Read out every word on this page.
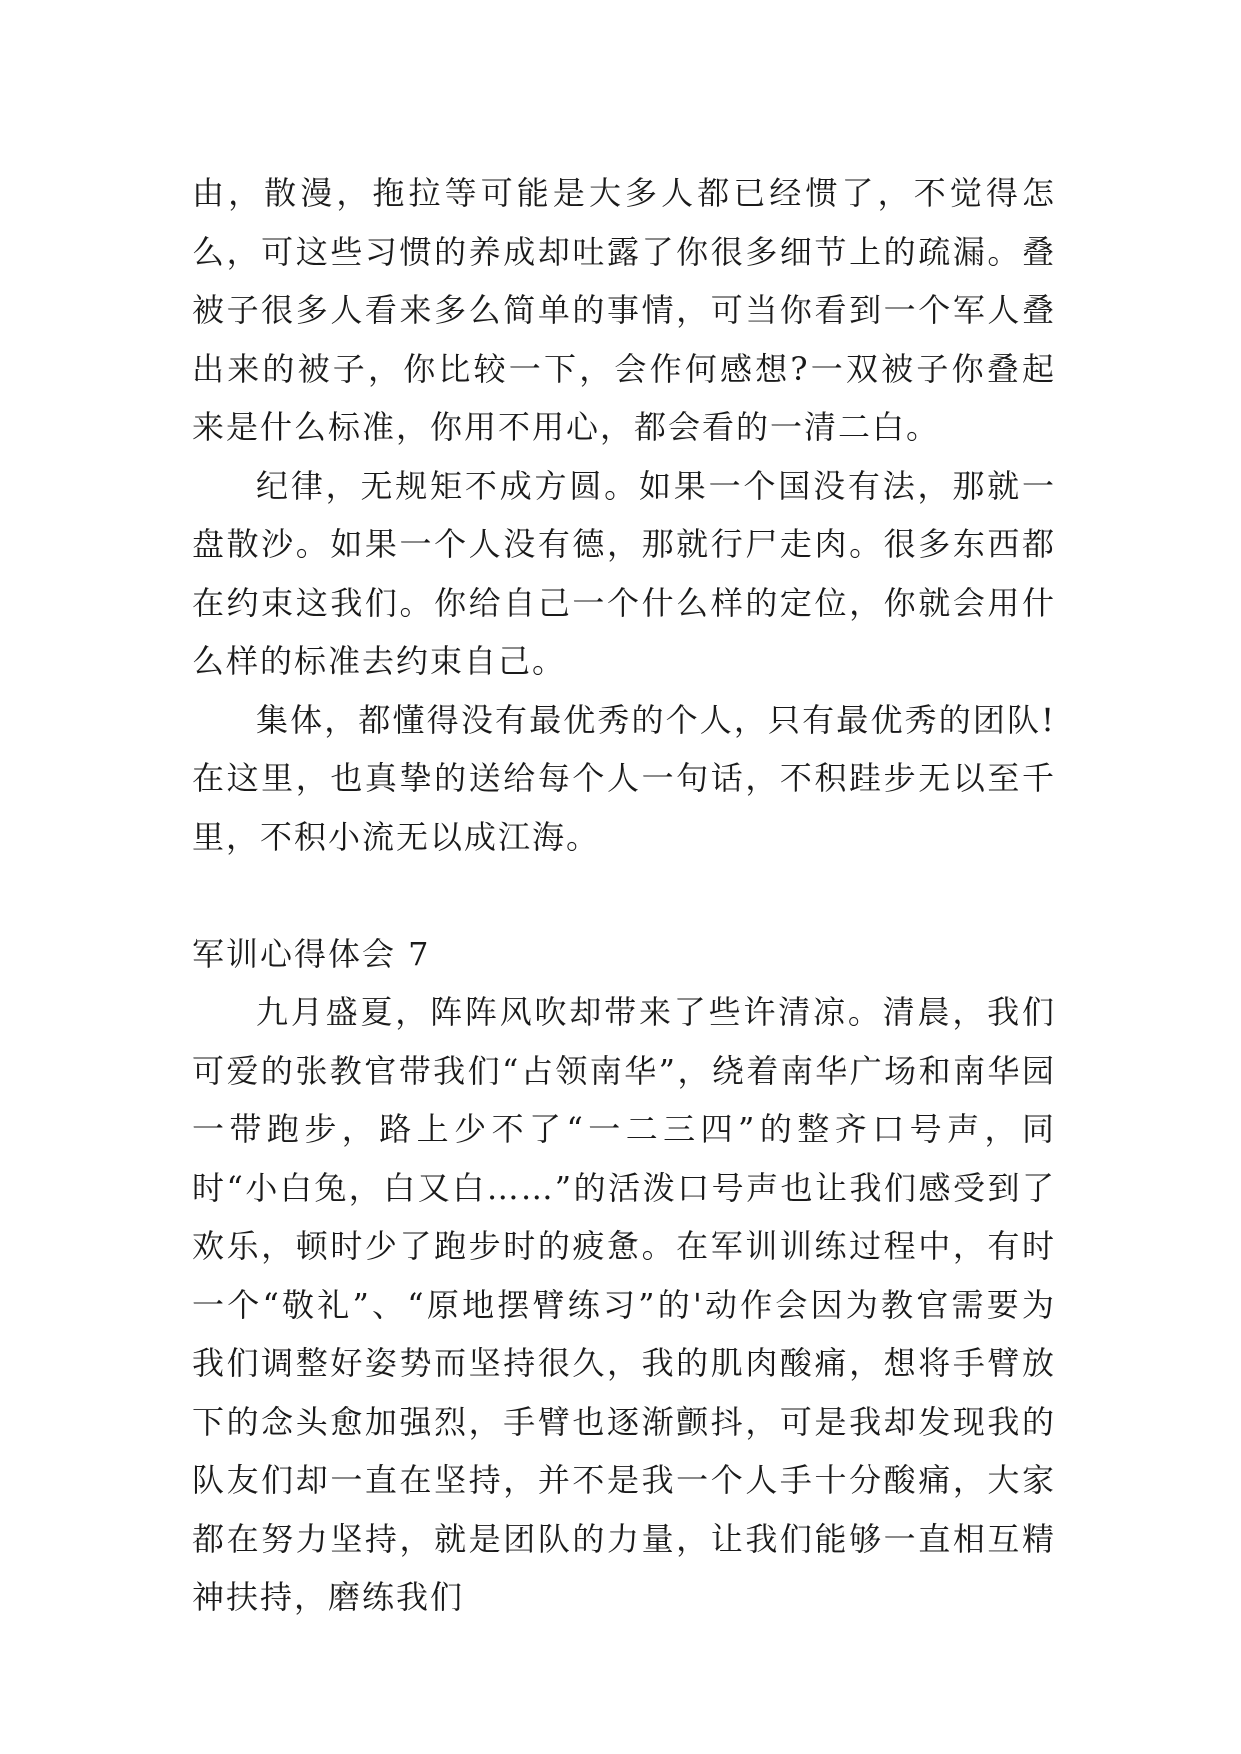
由，散漫，拖拉等可能是大多人都已经惯了，不觉得怎么，可这些习惯的养成却吐露了你很多细节上的疏漏。叠被子很多人看来多么简单的事情，可当你看到一个军人叠出来的被子，你比较一下，会作何感想?一双被子你叠起来是什么标准，你用不用心，都会看的一清二白。

纪律，无规矩不成方圆。如果一个国没有法，那就一盘散沙。如果一个人没有德，那就行尸走肉。很多东西都在约束这我们。你给自己一个什么样的定位，你就会用什么样的标准去约束自己。

集体，都懂得没有最优秀的个人，只有最优秀的团队!在这里，也真挚的送给每个人一句话，不积跬步无以至千里，不积小流无以成江海。

军训心得体会 7

九月盛夏，阵阵风吹却带来了些许清凉。清晨，我们可爱的张教官带我们“占领南华”，绕着南华广场和南华园一带跑步，路上少不了“一二三四”的整齐口号声，同时“小白兔，白又白……”的活泼口号声也让我们感受到了欢乐，顿时少了跑步时的疲惫。在军训训练过程中，有时一个“敬礼”、“原地摆臂练习”的'动作会因为教官需要为我们调整好姿势而坚持很久，我的肌肉酸痛，想将手臂放下的念头愈加强烈，手臂也逐渐颤抖，可是我却发现我的队友们却一直在坚持，并不是我一个人手十分酸痛，大家都在努力坚持，就是团队的力量，让我们能够一直相互精神扶持，磨练我们
